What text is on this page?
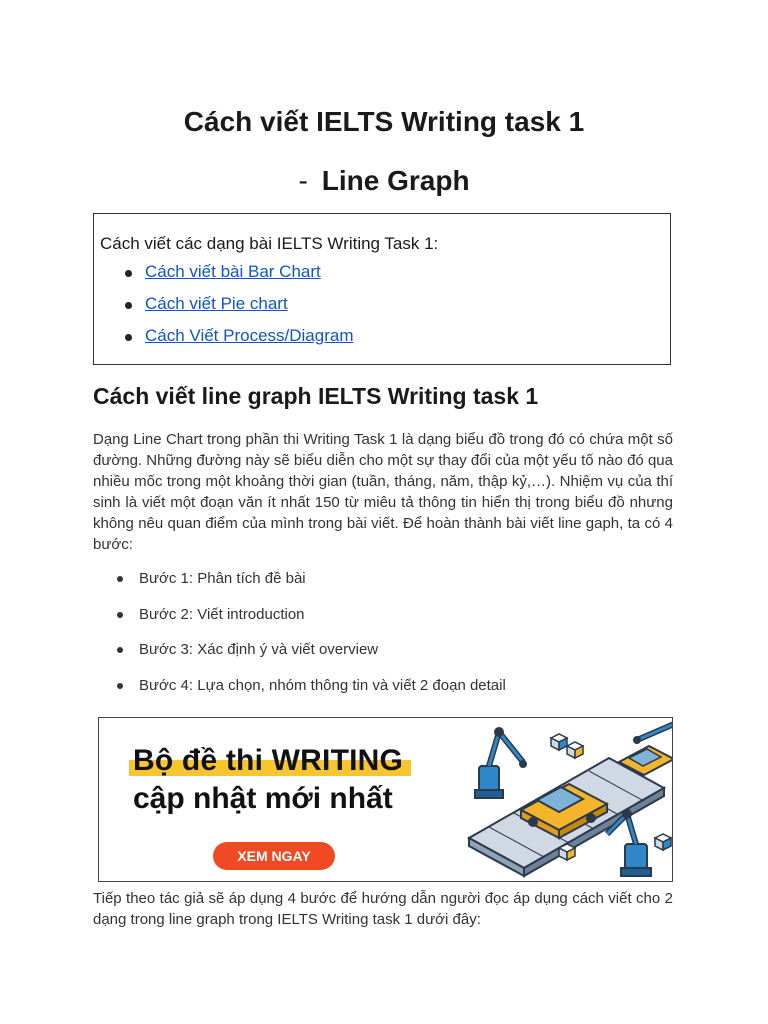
Cách viết IELTS Writing task 1
- Line Graph
Cách viết các dạng bài IELTS Writing Task 1:
Cách viết bài Bar Chart
Cách viết Pie chart
Cách Viết Process/Diagram
Cách viết line graph IELTS Writing task 1

Dạng Line Chart trong phần thi Writing Task 1 là dạng biểu đồ trong đó có chứa một số đường. Những đường này sẽ biểu diễn cho một sự thay đổi của một yếu tố nào đó qua nhiều mốc trong một khoảng thời gian (tuần, tháng, năm, thập kỷ,…). Nhiệm vụ của thí sinh là viết một đoạn văn ít nhất 150 từ miêu tả thông tin hiển thị trong biểu đồ nhưng không nêu quan điểm của mình trong bài viết. Để hoàn thành bài viết line gaph, ta có 4 bước:

Bước 1: Phân tích đề bài
Bước 2: Viết introduction
Bước 3: Xác định ý và viết overview
Bước 4: Lựa chọn, nhóm thông tin và viết 2 đoạn detail
Bộ đề thi WRITING
cập nhật mới nhất
XEM NGAY

Tiếp theo tác giả sẽ áp dụng 4 bước để hướng dẫn người đọc áp dụng cách viết cho 2 dạng trong line graph trong IELTS Writing task 1 dưới đây:
